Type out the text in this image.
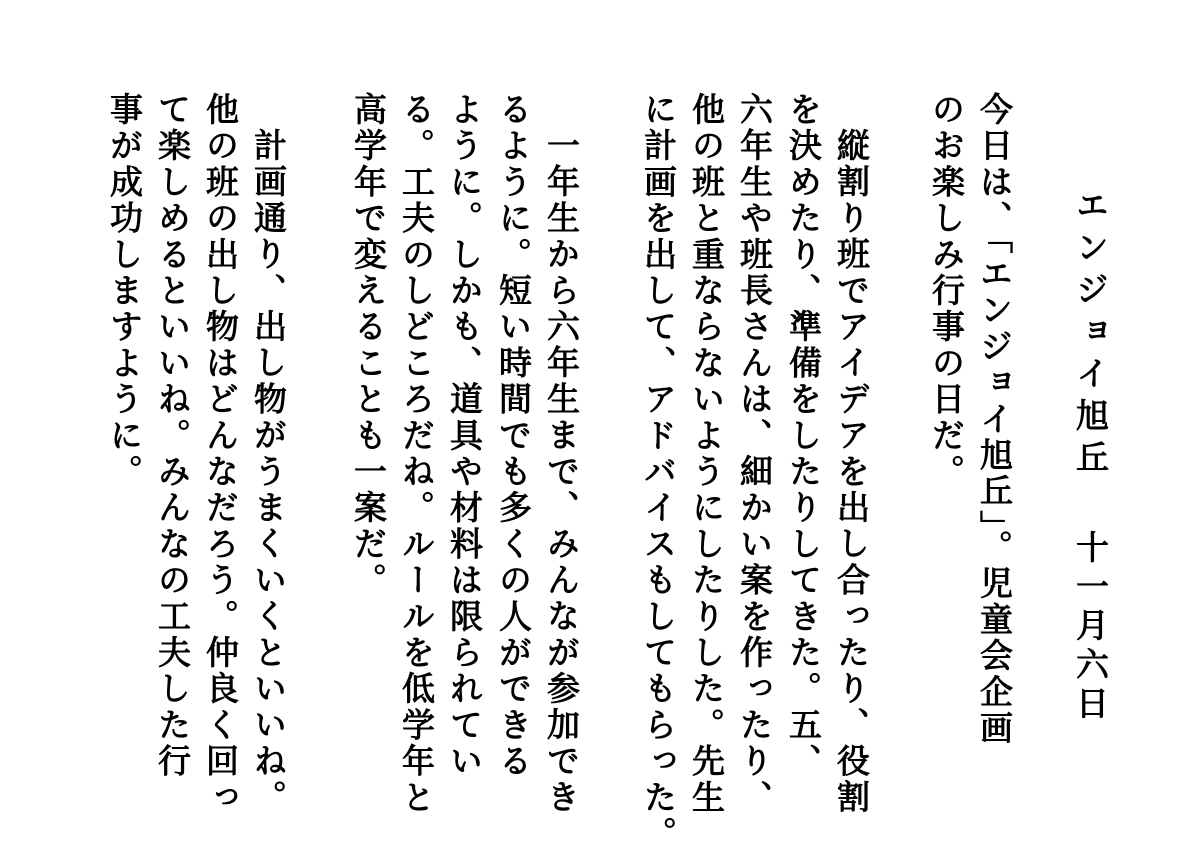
エンジョイ旭丘
十一月六日
今日は、「エンジョイ旭丘」。児童会企画
のお楽しみ行事の日だ。
縦割り班でアイデアを出し合ったり、役割
を決めたり、準備をしたりしてきた。五、
六年生や班長さんは、細かい案を作ったり、
他の班と重ならないようにしたりした。先生
に計画を出して、アドバイスもしてもらった。
一年生から六年生まで、みんなが参加でき
るように。短い時間でも多くの人ができる
ように。しかも、道具や材料は限られてい
る。工夫のしどころだね。ルールを低学年と
高学年で変えることも一案だ。
計画通り、出し物がうまくいくといいね。
他の班の出し物はどんなだろう。仲良く回っ
て楽しめるといいね。みんなの工夫した行
事が成功しますように。
